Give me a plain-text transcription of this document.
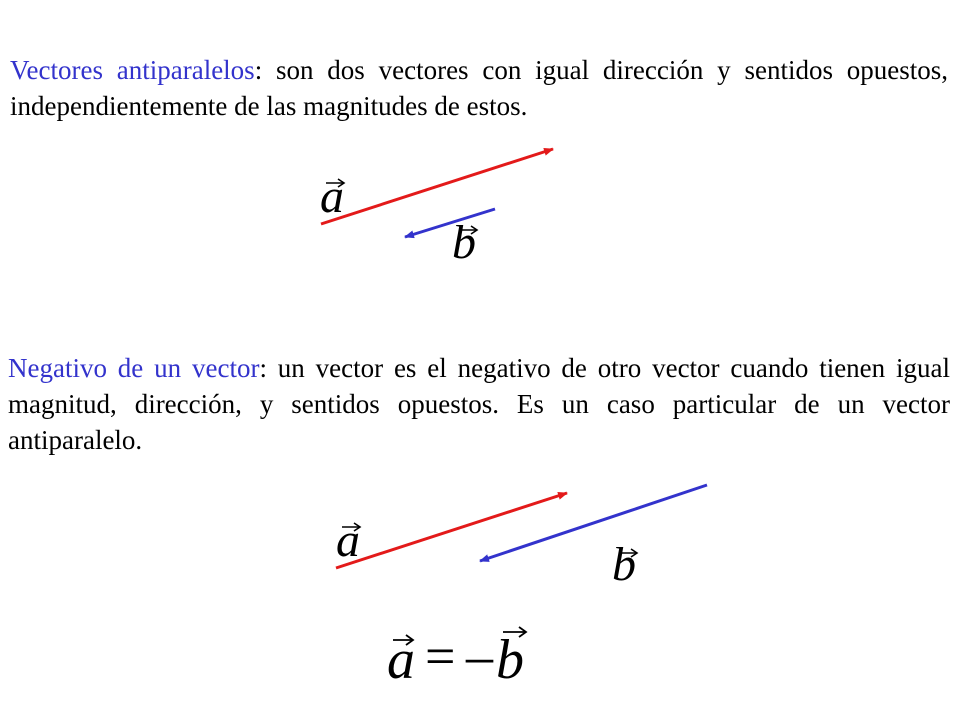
Vectores antiparalelos: son dos vectores con igual dirección y sentidos opuestos, independientemente de las magnitudes de estos.

a
b
a	b
a = – b

Negativo de un vector: un vector es el negativo de otro vector cuando tienen igual magnitud, dirección, y sentidos opuestos. Es un caso particular de un vector antiparalelo.
